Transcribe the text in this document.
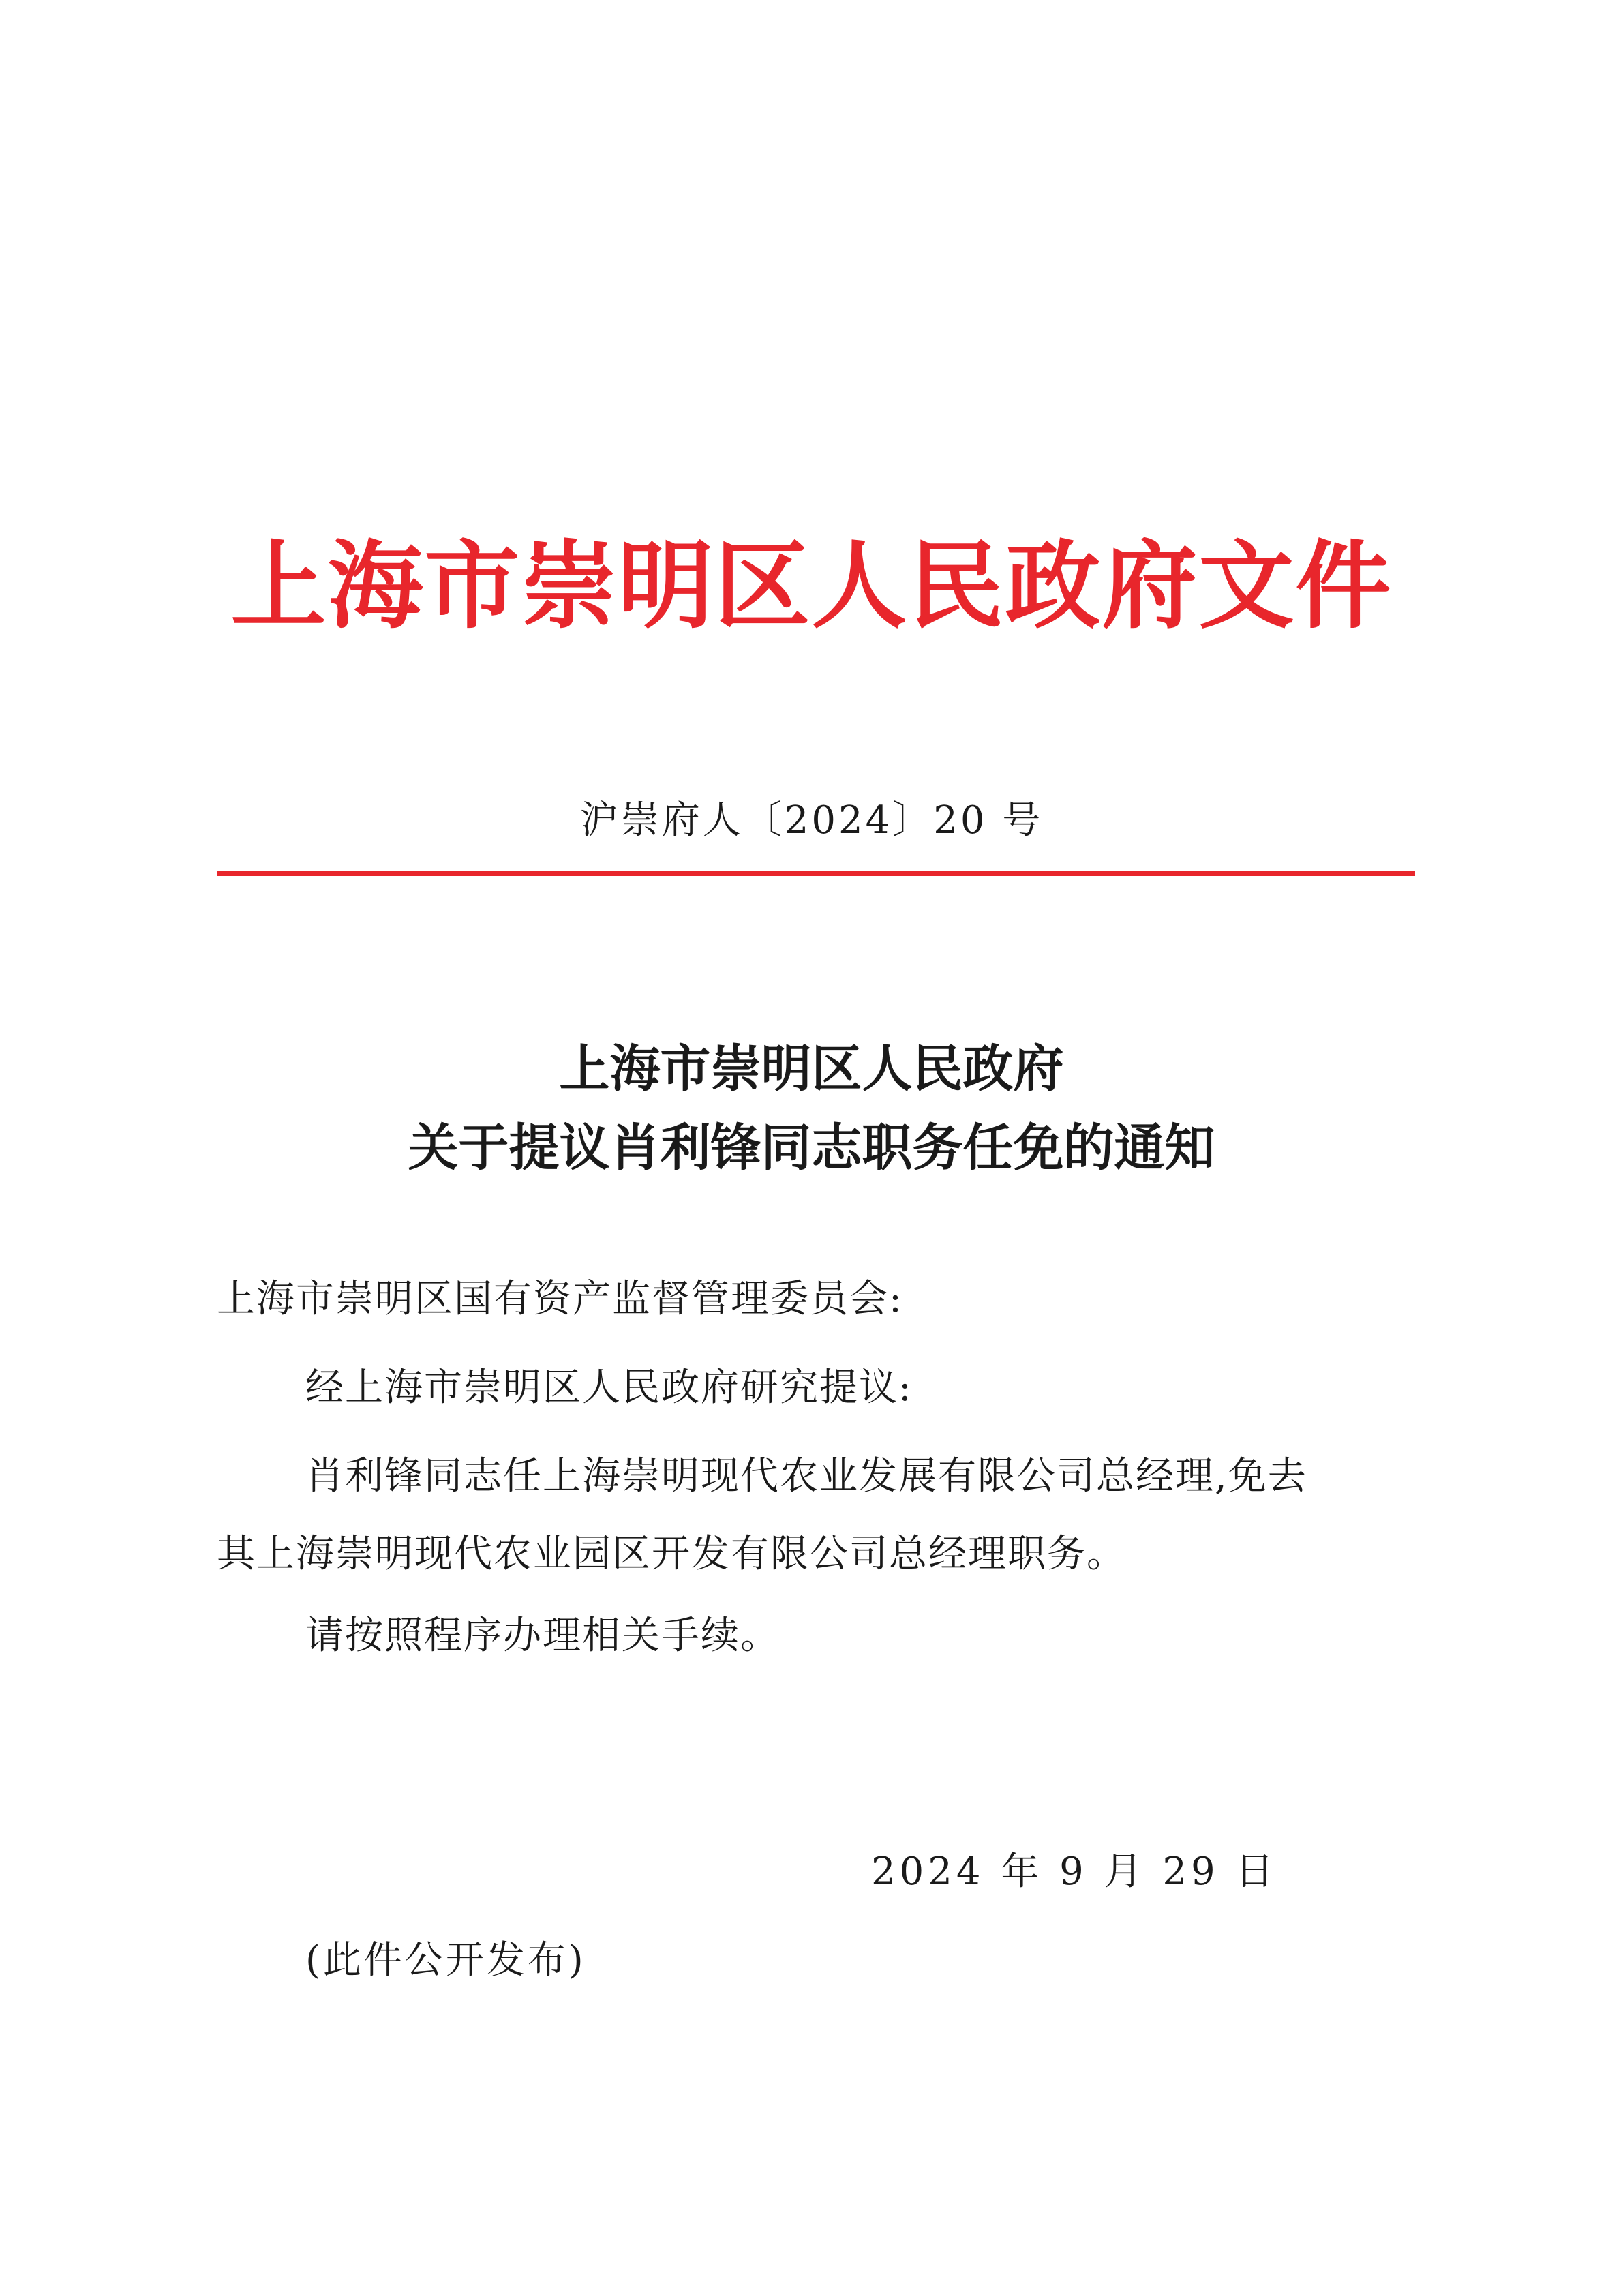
上海市崇明区人民政府文件
沪崇府人〔2024〕20 号
上海市崇明区人民政府
关于提议肖利锋同志职务任免的通知
上海市崇明区国有资产监督管理委员会:
经上海市崇明区人民政府研究提议:
肖利锋同志任上海崇明现代农业发展有限公司总经理,免去
其上海崇明现代农业园区开发有限公司总经理职务。
请按照程序办理相关手续。
2024 年 9 月 29 日
(此件公开发布)
